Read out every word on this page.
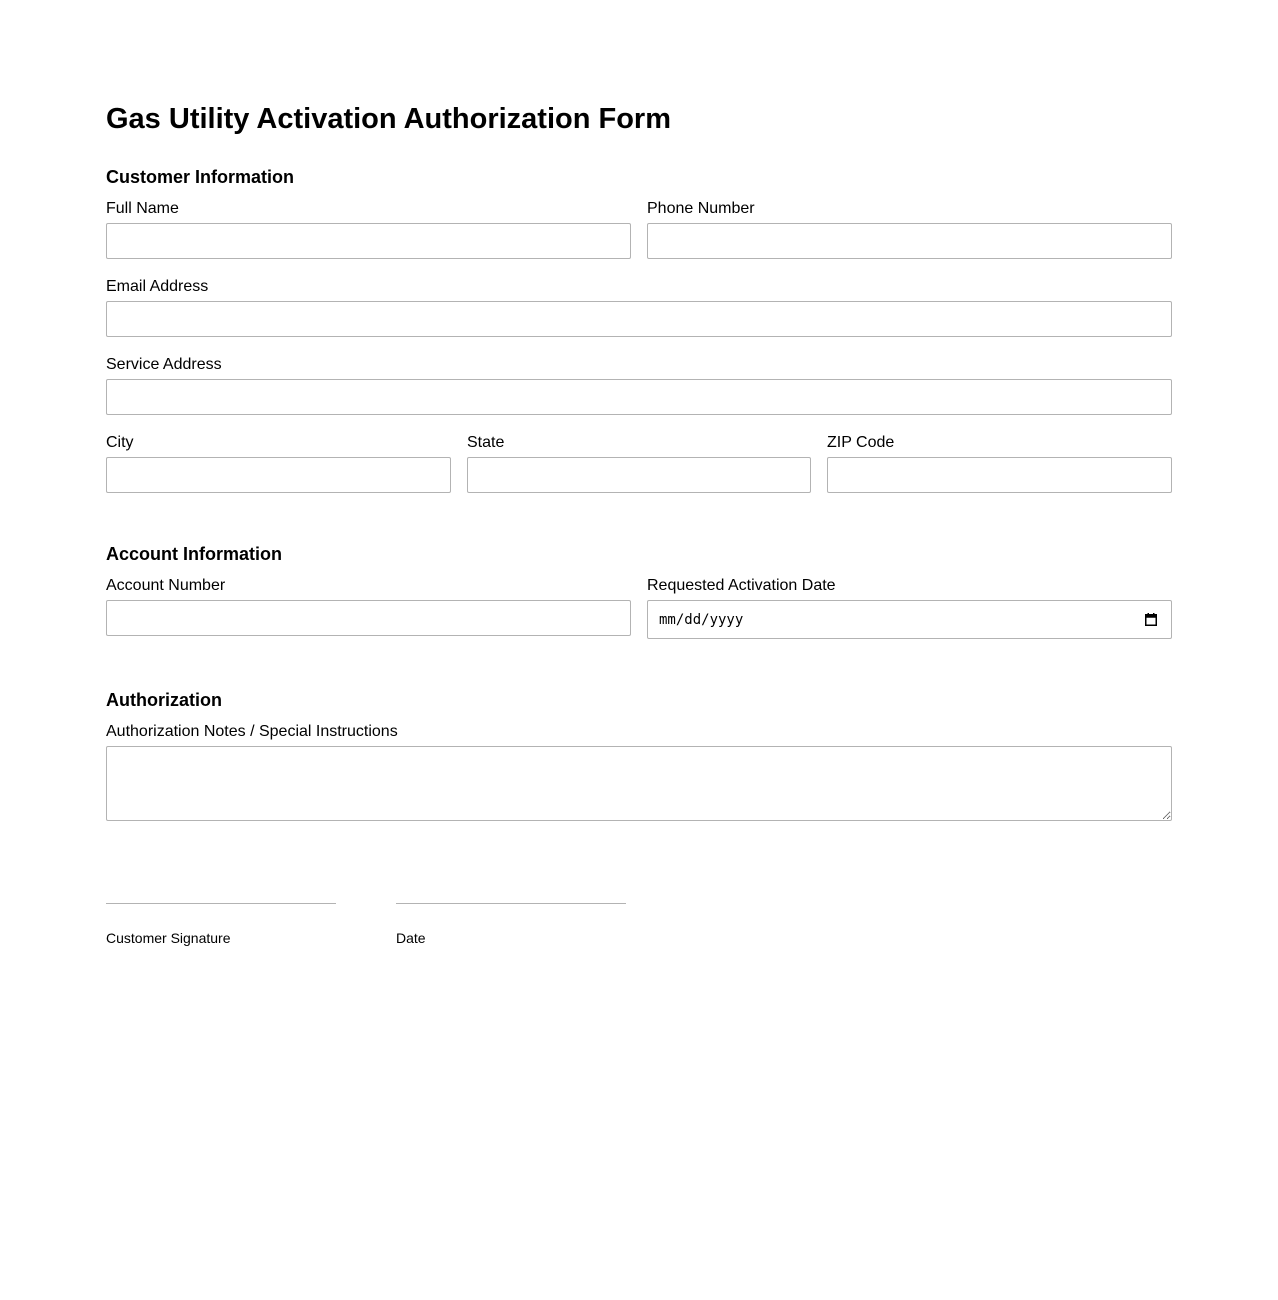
Gas Utility Activation Authorization Form
Customer Information
Full Name	Phone Number
Email Address
Service Address
City	State	ZIP Code
Account Information
Account Number	Requested Activation Date
mm/dd/yyyy
Authorization
Authorization Notes / Special Instructions
Customer Signature	Date
